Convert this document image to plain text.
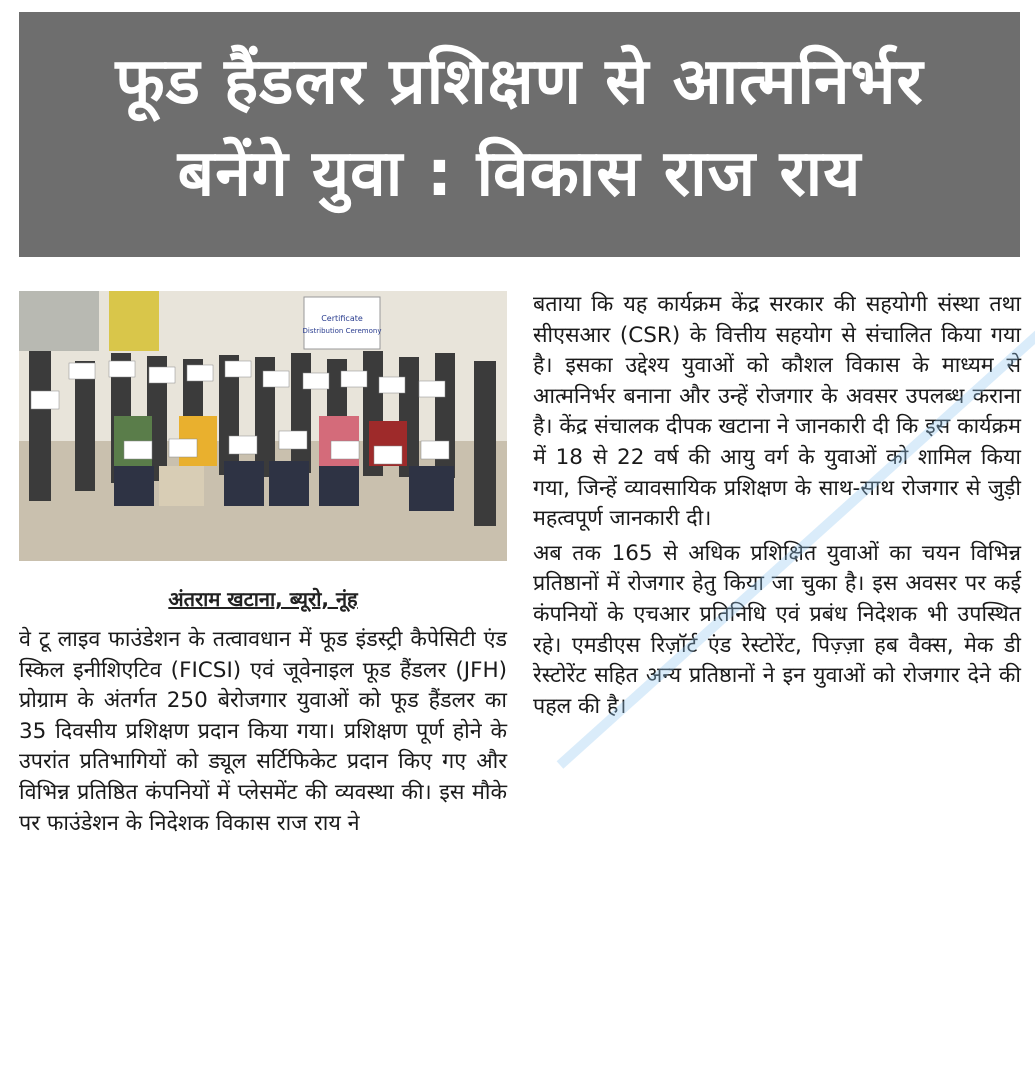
फूड हैंडलर प्रशिक्षण से आत्मनिर्भर
बनेंगे युवा : विकास राज राय
Certificate
Distribution Ceremony
अंतराम खटाना, ब्यूरो, नूंह

वे टू लाइव फाउंडेशन के तत्वावधान में फूड इंडस्ट्री कैपेसिटी एंड स्किल इनीशिएटिव (FICSI) एवं जूवेनाइल फूड हैंडलर (JFH) प्रोग्राम के अंतर्गत 250 बेरोजगार युवाओं को फूड हैंडलर का 35 दिवसीय प्रशिक्षण प्रदान किया गया। प्रशिक्षण पूर्ण होने के उपरांत प्रतिभागियों को ड्यूल सर्टिफिकेट प्रदान किए गए और विभिन्न प्रतिष्ठित कंपनियों में प्लेसमेंट की व्यवस्था की। इस मौके पर फाउंडेशन के निदेशक विकास राज राय ने

बताया कि यह कार्यक्रम केंद्र सरकार की सहयोगी संस्था तथा सीएसआर (CSR) के वित्तीय सहयोग से संचालित किया गया है। इसका उद्देश्य युवाओं को कौशल विकास के माध्यम से आत्मनिर्भर बनाना और उन्हें रोजगार के अवसर उपलब्ध कराना है। केंद्र संचालक दीपक खटाना ने जानकारी दी कि इस कार्यक्रम में 18 से 22 वर्ष की आयु वर्ग के युवाओं को शामिल किया गया, जिन्हें व्यावसायिक प्रशिक्षण के साथ-साथ रोजगार से जुड़ी महत्वपूर्ण जानकारी दी।

अब तक 165 से अधिक प्रशिक्षित युवाओं का चयन विभिन्न प्रतिष्ठानों में रोजगार हेतु किया जा चुका है। इस अवसर पर कई कंपनियों के एचआर प्रतिनिधि एवं प्रबंध निदेशक भी उपस्थित रहे। एमडीएस रिज़ॉर्ट एंड रेस्टोरेंट, पिज़्ज़ा हब वैक्स, मेक डी रेस्टोरेंट सहित अन्य प्रतिष्ठानों ने इन युवाओं को रोजगार देने की पहल की है।
